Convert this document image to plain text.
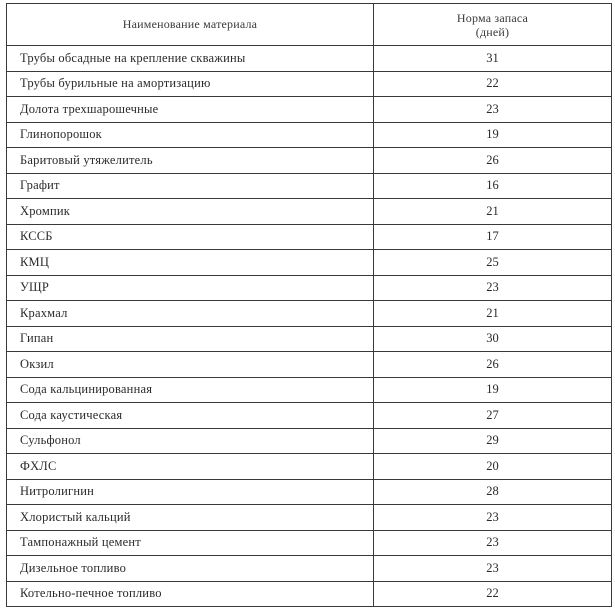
Наименование материала	Норма запаса
(дней)

Трубы обсадные на крепление скважины	31
Трубы бурильные на амортизацию	22
Долота трехшарошечные	23
Глинопорошок	19
Баритовый утяжелитель	26
Графит	16
Хромпик	21
КССБ	17
КМЦ	25
УЩР	23
Крахмал	21
Гипан	30
Окзил	26
Сода кальцинированная	19
Сода каустическая	27
Сульфонол	29
ФХЛС	20
Нитролигнин	28
Хлористый кальций	23
Тампонажный цемент	23
Дизельное топливо	23
Котельно-печное топливо	22
